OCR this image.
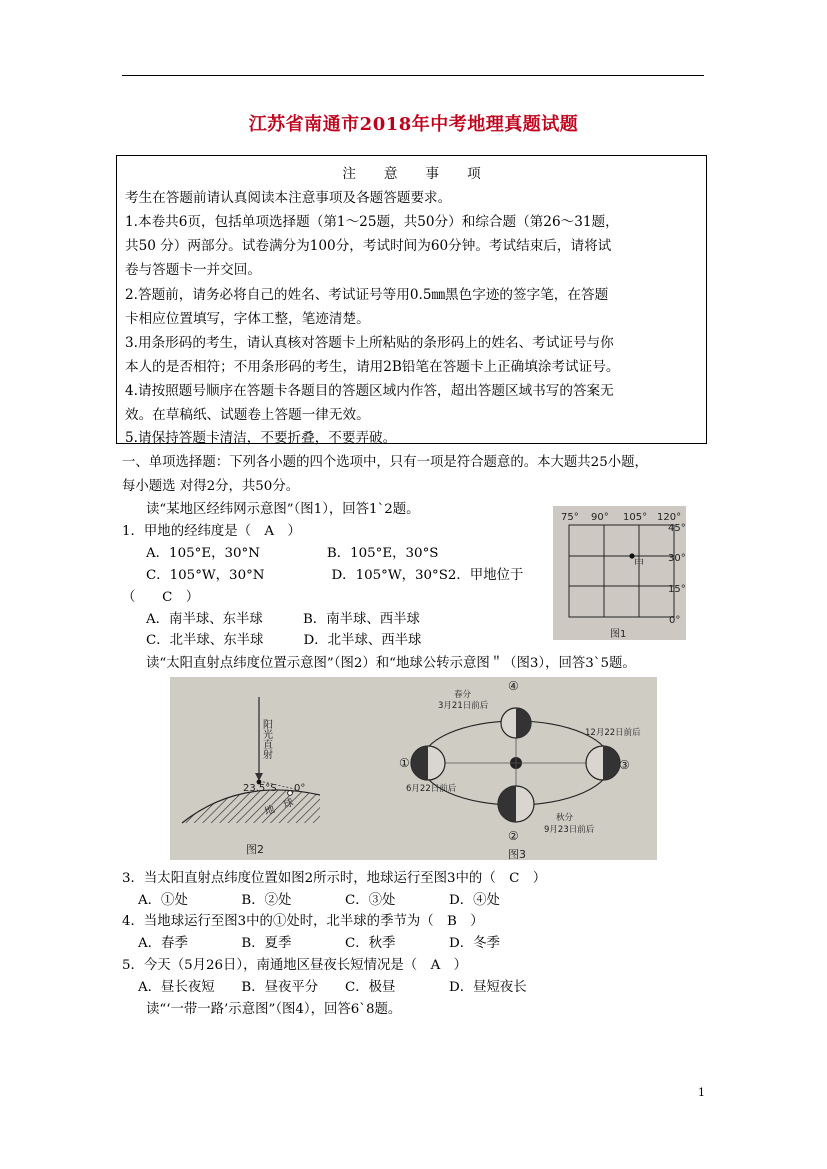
江苏省南通市2018年中考地理真题试题
注意事项
考生在答题前请认真阅读本注意事项及各题答题要求。
1.本卷共6页，包括单项选择题（第1～25题，共50分）和综合题（第26～31题，
共50 分）两部分。试卷满分为100分，考试时间为60分钟。考试结束后，请将试
卷与答题卡一并交回。
2.答题前，请务必将自己的姓名、考试证号等用0.5㎜黑色字迹的签字笔，在答题
卡相应位置填写，字体工整，笔迹清楚。
3.用条形码的考生，请认真核对答题卡上所粘贴的条形码上的姓名、考试证号与你
本人的是否相符；不用条形码的考生，请用2B铅笔在答题卡上正确填涂考试证号。
4.请按照题号顺序在答题卡各题目的答题区域内作答，超出答题区域书写的答案无
效。在草稿纸、试题卷上答题一律无效。
5.请保持答题卡清洁，不要折叠，不要弄破。
一、单项选择题：下列各小题的四个选项中，只有一项是符合题意的。本大题共25小题，
每小题选 对得2分，共50分。
读“某地区经纬网示意图”（图1），回答1`2题。
1．甲地的经纬度是（　A　）
A．105°E，30°N　　　　　B．105°E，30°S
C．105°W，30°N　　　　　D．105°W，30°S2．甲地位于
（　　C　）
A．南半球、东半球　　　B．南半球、西半球
C．北半球、东半球　　　D．北半球、西半球
读“太阳直射点纬度位置示意图”（图2）和“地球公转示意图＂（图3），回答3`5题。
75° 90° 105° 120°
45°
30°
15°
0°
甲
图1
阳光直射
23.5°S 0°
地　球
图2
④
春分
3月21日前后
①
6月22日前后
③
12月22日前后
②
秋分
9月23日前后
图3
3．当太阳直射点纬度位置如图2所示时，地球运行至图3中的（　C　）
A．①处　　　　B．②处　　　　C．③处　　　　D．④处
4．当地球运行至图3中的①处时，北半球的季节为（　B　）
A．春季　　　　B．夏季　　　　C．秋季　　　　D．冬季
5．今天（5月26日），南通地区昼夜长短情况是（　A　）
A．昼长夜短　　B．昼夜平分　　C．极昼　　　　D．昼短夜长
读“‘一带一路’示意图”（图4），回答6`8题。
1
